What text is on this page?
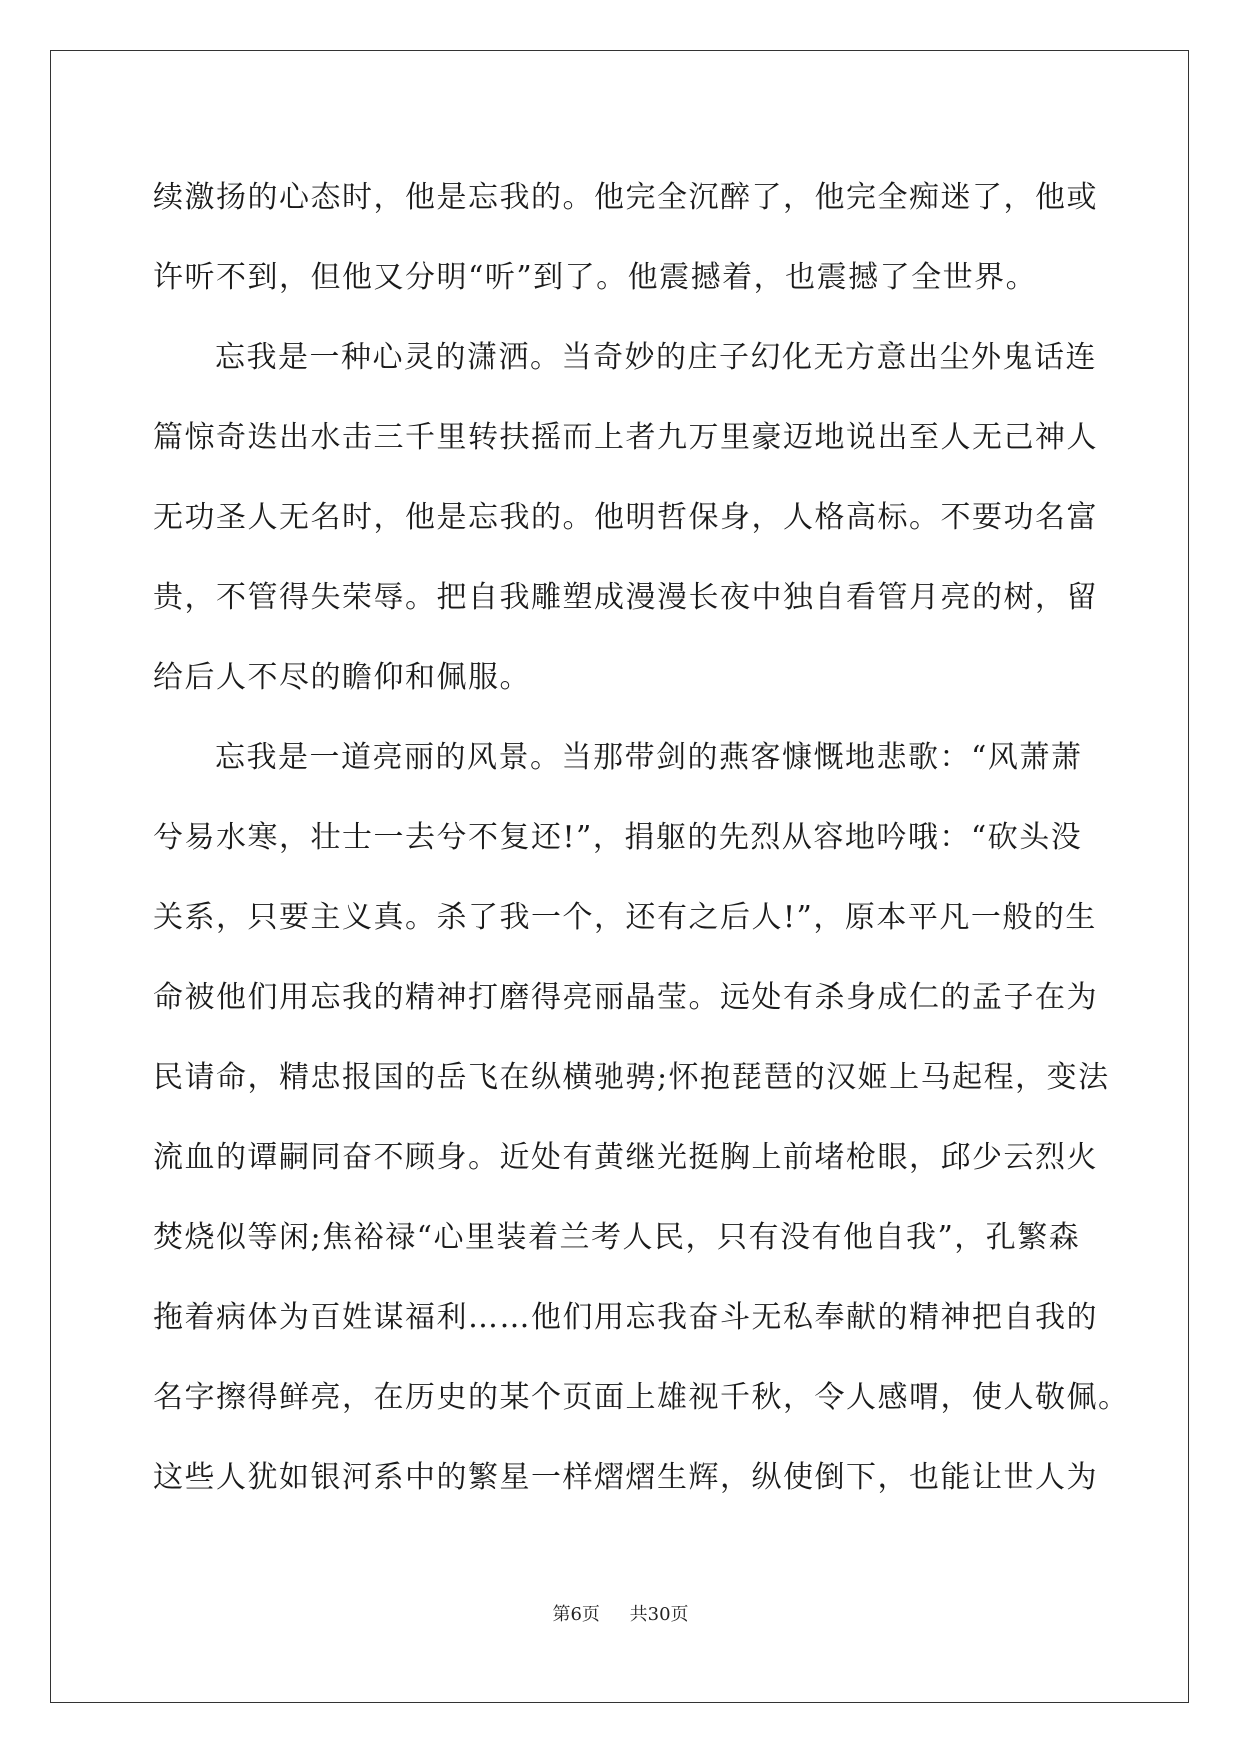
续激扬的心态时，他是忘我的。他完全沉醉了，他完全痴迷了，他或
许听不到，但他又分明“听”到了。他震撼着，也震撼了全世界。
忘我是一种心灵的潇洒。当奇妙的庄子幻化无方意出尘外鬼话连
篇惊奇迭出水击三千里转扶摇而上者九万里豪迈地说出至人无己神人
无功圣人无名时，他是忘我的。他明哲保身，人格高标。不要功名富
贵，不管得失荣辱。把自我雕塑成漫漫长夜中独自看管月亮的树，留
给后人不尽的瞻仰和佩服。
忘我是一道亮丽的风景。当那带剑的燕客慷慨地悲歌：“风萧萧
兮易水寒，壮士一去兮不复还!”，捐躯的先烈从容地吟哦：“砍头没
关系，只要主义真。杀了我一个，还有之后人!”，原本平凡一般的生
命被他们用忘我的精神打磨得亮丽晶莹。远处有杀身成仁的孟子在为
民请命，精忠报国的岳飞在纵横驰骋;怀抱琵琶的汉姬上马起程，变法
流血的谭嗣同奋不顾身。近处有黄继光挺胸上前堵枪眼，邱少云烈火
焚烧似等闲;焦裕禄“心里装着兰考人民，只有没有他自我”，孔繁森
拖着病体为百姓谋福利……他们用忘我奋斗无私奉献的精神把自我的
名字擦得鲜亮，在历史的某个页面上雄视千秋，令人感喟，使人敬佩。
这些人犹如银河系中的繁星一样熠熠生辉，纵使倒下，也能让世人为
第6页 共30页
